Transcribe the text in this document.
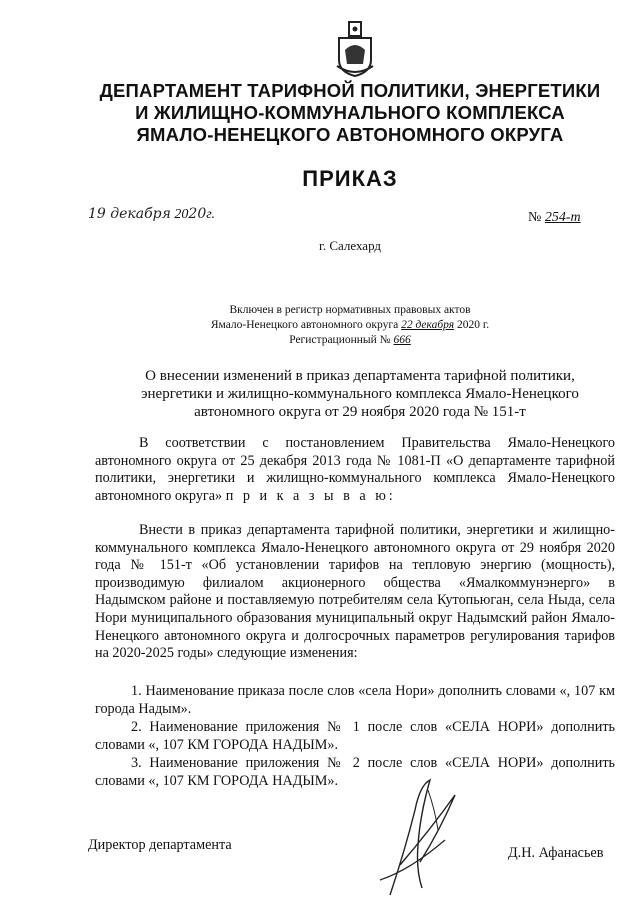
ДЕПАРТАМЕНТ ТАРИФНОЙ ПОЛИТИКИ, ЭНЕРГЕТИКИ
И ЖИЛИЩНО-КОММУНАЛЬНОГО КОМПЛЕКСА
ЯМАЛО-НЕНЕЦКОГО АВТОНОМНОГО ОКРУГА
ПРИКАЗ
19 декабря 2020г.	№ 254-т
г. Салехард
Включен в регистр нормативных правовых актов
Ямало-Ненецкого автономного округа 22 декабря 2020 г.
Регистрационный № 666
О внесении изменений в приказ департамента тарифной политики,
энергетики и жилищно-коммунального комплекса Ямало-Ненецкого
автономного округа от 29 ноября 2020 года № 151-т

В соответствии с постановлением Правительства Ямало-Ненецкого автономного округа от 25 декабря 2013 года № 1081-П «О департаменте тарифной политики, энергетики и жилищно-коммунального комплекса Ямало-Ненецкого автономного округа» п р и к а з ы в а ю:

Внести в приказ департамента тарифной политики, энергетики и жилищно-коммунального комплекса Ямало-Ненецкого автономного округа от 29 ноября 2020 года № 151-т «Об установлении тарифов на тепловую энергию (мощность), производимую филиалом акционерного общества «Ямалкоммунэнерго» в Надымском районе и поставляемую потребителям села Кутопьюган, села Ныда, села Нори муниципального образования муниципальный округ Надымский район Ямало-Ненецкого автономного округа и долгосрочных параметров регулирования тарифов на 2020-2025 годы» следующие изменения:

1. Наименование приказа после слов «села Нори» дополнить словами «, 107 км города Надым».

2. Наименование приложения № 1 после слов «СЕЛА НОРИ» дополнить словами «, 107 КМ ГОРОДА НАДЫМ».

3. Наименование приложения № 2 после слов «СЕЛА НОРИ» дополнить словами «, 107 КМ ГОРОДА НАДЫМ».

Директор департамента	Д.Н. Афанасьев
